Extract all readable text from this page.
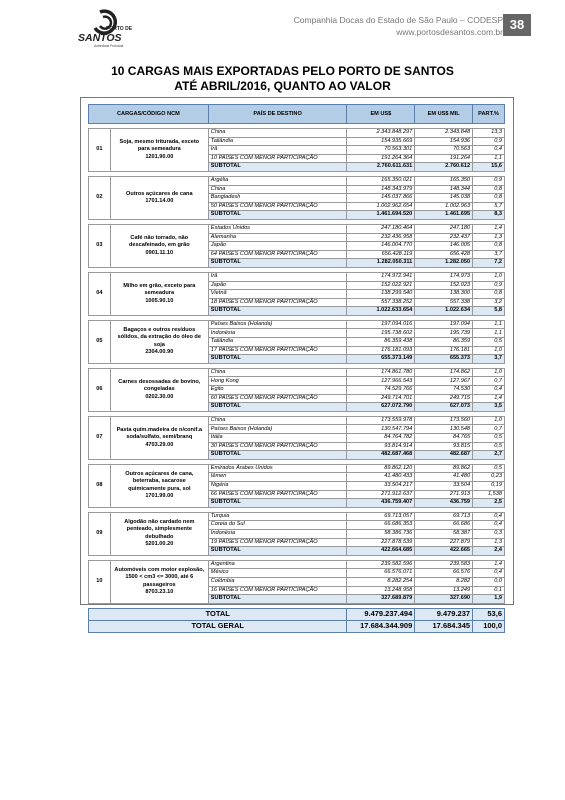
PORTO DE
SANTOS
Autoridade Portuária
Companhia Docas do Estado de São Paulo – CODESP
www.portosdesantos.com.br 38
10 CARGAS MAIS EXPORTADAS PELO PORTO DE SANTOS
ATÉ ABRIL/2016, QUANTO AO VALOR
CARGAS/CÓDIGO NCM		PAÍS DE DESTINO	EM US$	EM US$ MIL	PART.%

01	Soja, mesmo triturada, exceto
para semeadura
1201.90.00	China	2.343.848.297	2.343.848	13,3
		Tailândia	154.935.669	154.936	0,9
		Irã	70.563.301	70.563	0,4
		10 PAÍSES COM MENOR PARTICIPAÇÃO	191.264.364	191.264	1,1
		SUBTOTAL	2.760.611.631	2.760.612	15,6

02	Outros açúcares de cana
1701.14.00	Argélia	165.350.021	165.350	0,9
		China	148.343.979	148.344	0,8
		Bangladesh	145.037.866	145.038	0,8
		50 PAÍSES COM MENOR PARTICIPAÇÃO	1.002.962.654	1.002.963	5,7
		SUBTOTAL	1.461.694.520	1.461.695	8,3

03	Café não torrado, não
descafeinado, em grão
0901.11.10	Estados Unidos	247.180.464	247.180	1,4
		Alemanha	232.436.958	232.437	1,3
		Japão	146.004.770	146.005	0,8
		64 PAÍSES COM MENOR PARTICIPAÇÃO	656.428.119	656.428	3,7
		SUBTOTAL	1.282.050.311	1.282.050	7,2

04	Milho em grão, exceto para
semeadura
1005.90.10	Irã	174.972.941	174.973	1,0
		Japão	152.022.921	152.023	0,9
		Vietnã	138.299.540	138.300	0,8
		18 PAÍSES COM MENOR PARTICIPAÇÃO	557.338.252	557.338	3,2
		SUBTOTAL	1.022.633.654	1.022.634	5,8

05	Bagaços e outros resíduos
sólidos, da extração do óleo de
soja
2304.00.90	Países Baixos (Holanda)	197.094.016	197.094	1,1
		Indonésia	195.738.602	195.739	1,1
		Tailândia	86.359.438	86.359	0,5
		17 PAÍSES COM MENOR PARTICIPAÇÃO	176.181.093	176.181	1,0
		SUBTOTAL	655.373.149	655.373	3,7

06	Carnes desossadas de bovino,
congeladas
0202.30.00	China	174.861.780	174.862	1,0
		Hong Kong	127.966.543	127.967	0,7
		Egito	74.529.766	74.530	0,4
		60 PAÍSES COM MENOR PARTICIPAÇÃO	249.714.701	249.715	1,4
		SUBTOTAL	627.072.790	627.073	3,5

07	Pasta quím.madeira de n/conif.a
soda/sulfato, semi/branq
4703.29.00	China	173.559.978	173.560	1,0
		Países Baixos (Holanda)	130.547.794	130.548	0,7
		Itália	84.764.782	84.765	0,5
		30 PAÍSES COM MENOR PARTICIPAÇÃO	93.814.914	93.815	0,5
		SUBTOTAL	482.687.468	482.687	2,7

08	Outros açúcares de cana,
beterraba, sacarose
quimicamente pura, sol
1701.99.00	Emirados Árabes Unidos	89.862.120	89.862	0,5
		Iêmen	41.480.433	41.480	0,23
		Nigéria	33.504.217	33.504	0,19
		66 PAÍSES COM MENOR PARTICIPAÇÃO	271.912.637	271.913	1,538
		SUBTOTAL	436.759.407	436.759	2,5

09	Algodão não cardado nem
penteado, simplesmente
debulhado
5201.00.20	Turquia	69.713.057	69.713	0,4
		Coreia do Sul	66.686.353	66.686	0,4
		Indonésia	58.386.736	58.387	0,3
		19 PAÍSES COM MENOR PARTICIPAÇÃO	227.878.539	227.879	1,3
		SUBTOTAL	422.664.685	422.665	2,4

10	Automóveis com motor explosão,
1500 < cm3 <= 3000, até 6
passageiros
8703.23.10	Argentina	239.582.596	239.583	1,4
		México	66.576.071	66.576	0,4
		Colômbia	8.282.254	8.282	0,0
		16 PAÍSES COM MENOR PARTICIPAÇÃO	13.248.958	13.249	0,1
		SUBTOTAL	327.689.879	327.690	1,9

TOTAL			9.479.237.494	9.479.237	53,6
TOTAL GERAL			17.684.344.909	17.684.345	100,0
